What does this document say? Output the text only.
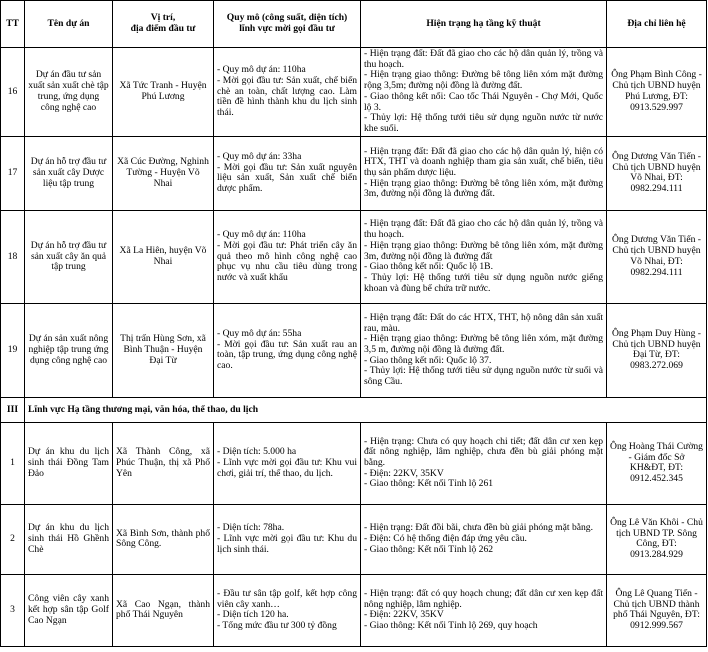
TT	Tên dự án	Vị trí,
địa điểm đầu tư	Quy mô (công suất, diện tích)
lĩnh vực mời gọi đầu tư	Hiện trạng hạ tầng kỹ thuật	Địa chỉ liên hệ
16	Dự án đầu tư sản xuất sản xuất chè tập trung, ứng dụng công nghệ cao	Xã Tức Tranh - Huyện Phú Lương	- Quy mô dự án: 110ha
- Mời gọi đầu tư: Sản xuất, chế biến chè an toàn, chất lượng cao. Làm tiền đề hình thành khu du lịch sinh thái.	- Hiện trạng đất: Đất đã giao cho các hộ dân quản lý, trồng và thu hoạch.
- Hiện trạng giao thông: Đường bê tông liên xóm mặt đường rộng 3,5m; đường nội đồng là đường đất.
- Giao thông kết nối: Cao tốc Thái Nguyên - Chợ Mới, Quốc lộ 3.
- Thủy lợi: Hệ thống tưới tiêu sử dụng nguồn nước từ nước khe suối.	Ông Phạm Bình Công - Chủ tịch UBND huyện Phú Lương, ĐT: 0913.529.997
17	Dự án hỗ trợ đầu tư sản xuất cây Dược liệu tập trung	Xã Cúc Đường, Nghinh Tường - Huyện Võ Nhai	- Quy mô dự án: 33ha
- Mời gọi đầu tư: Sản xuất nguyên liệu sản xuất, Sản xuất chế biến dược phẩm.	- Hiện trạng đất: Đất đã giao cho các hộ dân quản lý, hiện có HTX, THT và doanh nghiệp tham gia sản xuất, chế biến, tiêu thụ sản phẩm dược liệu.
- Hiện trạng giao thông: Đường bê tông liên xóm, mặt đường 3m, đường nội đồng là đường đất.	Ông Dương Văn Tiến - Chủ tịch UBND huyện Võ Nhai, ĐT: 0982.294.111
18	Dự án hỗ trợ đầu tư sản xuất cây ăn quả tập trung	Xã La Hiên, huyện Võ Nhai	- Quy mô dự án: 110ha
- Mời gọi đầu tư: Phát triển cây ăn quả theo mô hình công nghệ cao phục vụ nhu cầu tiêu dùng trong nước và xuất khẩu	- Hiện trạng đất: Đất đã giao cho các hộ dân quản lý, trồng và thu hoạch.
- Hiện trạng giao thông: Đường bê tông liên xóm, mặt đường 3m, đường nội đồng là đường đất
- Giao thông kết nối: Quốc lộ 1B.
- Thủy lợi: Hệ thống tưới tiêu sử dụng nguồn nước giếng khoan và đùng bể chứa trữ nước.	Ông Dương Văn Tiến - Chủ tịch UBND huyện Võ Nhai, ĐT: 0982.294.111
19	Dự án sản xuất nông nghiệp tập trung ứng dụng công nghệ cao	Thị trấn Hùng Sơn, xã Bình Thuận - Huyện Đại Từ	- Quy mô dự án: 55ha
- Mời gọi đầu tư: Sản xuất rau an toàn, tập trung, ứng dụng công nghệ cao.	- Hiện trạng đất: Đất do các HTX, THT, hộ nông dân sản xuất rau, màu.
- Hiện trạng giao thông: Đường bê tông liên xóm, mặt đường 3,5 m, đường nội đồng là đường đất.
- Giao thông kết nối: Quốc lộ 37.
- Thủy lợi: Hệ thống tưới tiêu sử dụng nguồn nước từ suối và sông Cầu.	Ông Phạm Duy Hùng - Chủ tịch UBND huyện Đại Từ, ĐT: 0983.272.069
III	Lĩnh vực Hạ tầng thương mại, văn hóa, thể thao, du lịch				
1	Dự án khu du lịch sinh thái Đồng Tam Đảo	Xã Thành Công, xã Phúc Thuận, thị xã Phổ Yên	- Diện tích: 5.000 ha
- Lĩnh vực mời gọi đầu tư: Khu vui chơi, giải trí, thể thao, du lịch.	- Hiện trạng: Chưa có quy hoạch chi tiết; đất dân cư xen kẹp đất nông nghiệp, lâm nghiệp, chưa đền bù giải phóng mặt bằng.
- Điện: 22KV, 35KV
- Giao thông: Kết nối Tỉnh lộ 261	Ông Hoàng Thái Cường - Giám đốc Sở KH&ĐT, ĐT: 0912.452.345
2	Dự án khu du lịch sinh thái Hồ Ghềnh Chè	Xã Bình Sơn, thành phố Sông Công.	- Diện tích: 78ha.
- Lĩnh vực mời gọi đầu tư: Khu du lịch sinh thái.	- Hiện trạng: Đất đồi bãi, chưa đền bù giải phóng mặt bằng.
- Điện: Có hệ thống điện đáp ứng yêu cầu.
- Giao thông: Kết nối Tỉnh lộ 262	Ông Lê Văn Khôi - Chủ tịch UBND TP. Sông Công, ĐT: 0913.284.929
3	Công viên cây xanh kết hợp sân tập Golf Cao Ngạn	Xã Cao Ngạn, thành phố Thái Nguyên	- Đầu tư sân tập golf, kết hợp công viên cây xanh…
- Diện tích 120 ha.
- Tổng mức đầu tư 300 tỷ đồng	- Hiện trạng: đất có quy hoạch chung; đất dân cư xen kẹp đất nông nghiệp, lâm nghiệp.
- Điện: 22KV, 35KV
- Giao thông: Kết nối Tỉnh lộ 269, quy hoạch	Ông Lê Quang Tiến - Chủ tịch UBND thành phố Thái Nguyên, ĐT: 0912.999.567
